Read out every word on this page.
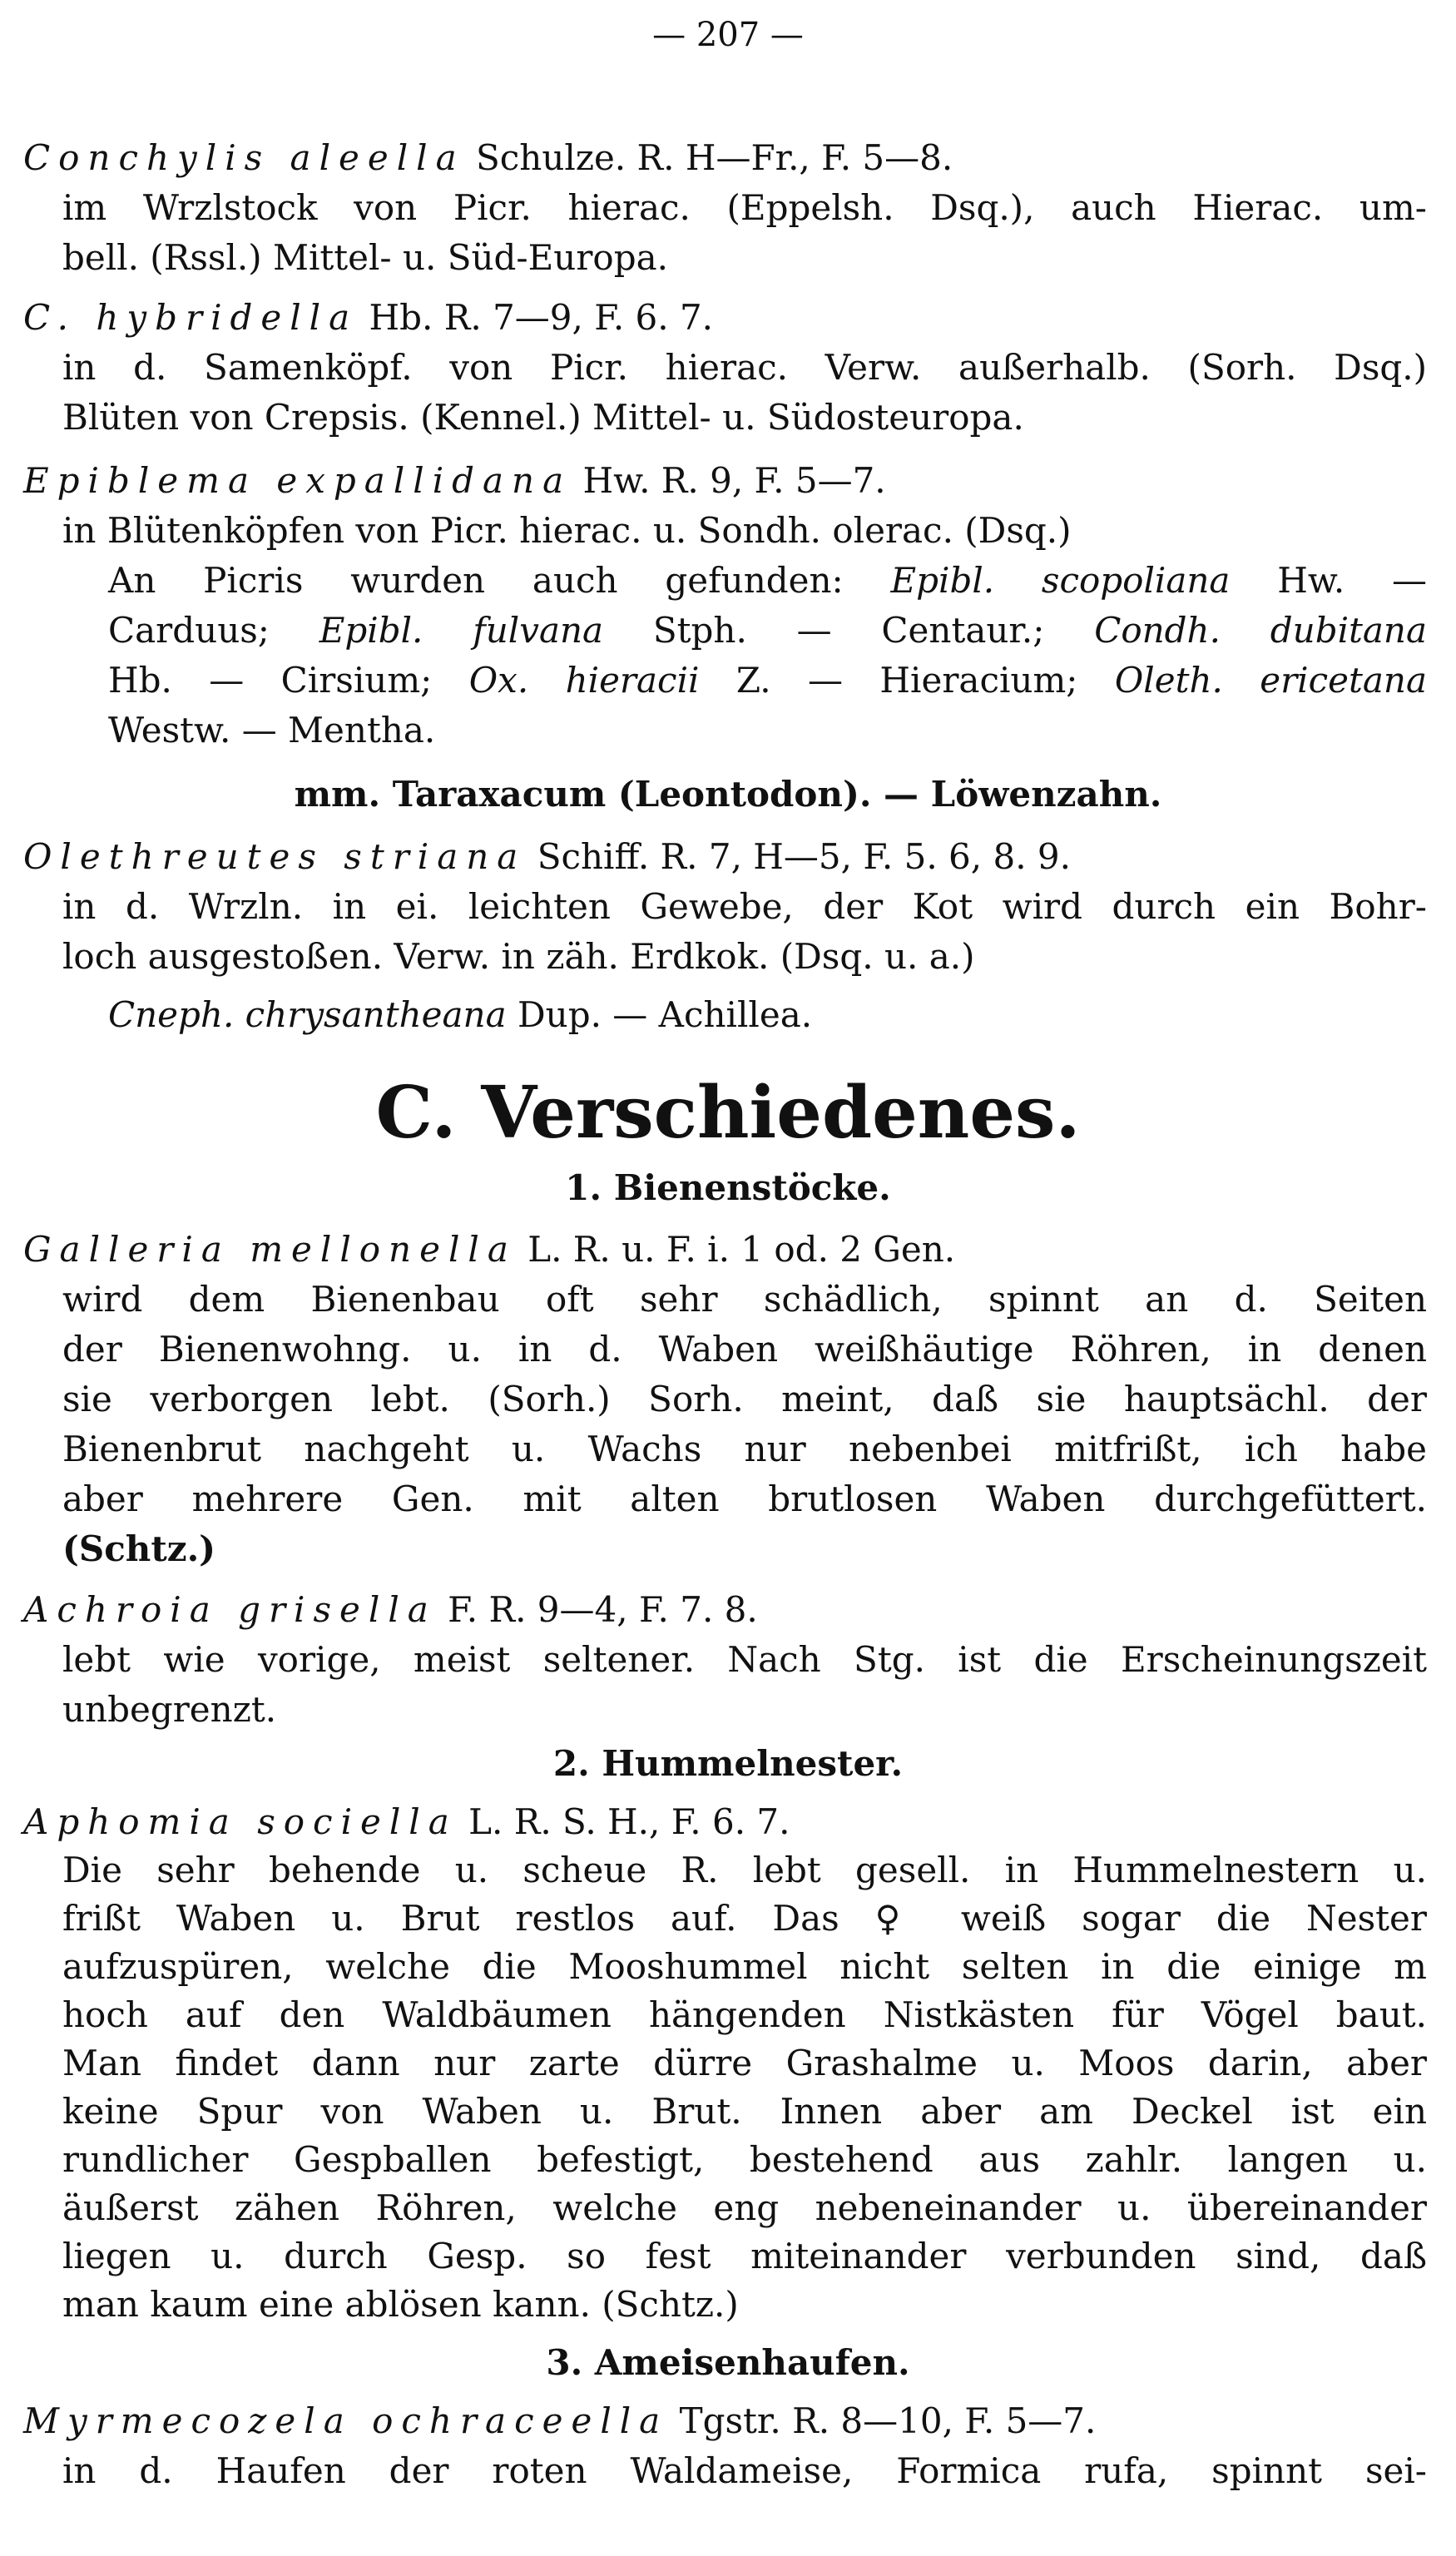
— 207 —
Conchylis aleella Schulze. R. H—Fr., F. 5—8.
im Wrzlstock von Picr. hierac. (Eppelsh. Dsq.), auch Hierac. um-
bell. (Rssl.) Mittel- u. Süd-Europa.
C. hybridella Hb. R. 7—9, F. 6. 7.
in d. Samenköpf. von Picr. hierac. Verw. außerhalb. (Sorh. Dsq.)
Blüten von Crepsis. (Kennel.) Mittel- u. Südosteuropa.
Epiblema expallidana Hw. R. 9, F. 5—7.
in Blütenköpfen von Picr. hierac. u. Sondh. olerac. (Dsq.)
An Picris wurden auch gefunden: Epibl. scopoliana Hw. —
Carduus; Epibl. fulvana Stph. — Centaur.; Condh. dubitana
Hb. — Cirsium; Ox. hieracii Z. — Hieracium; Oleth. ericetana
Westw. — Mentha.
mm. Taraxacum (Leontodon). — Löwenzahn.
Olethreutes striana Schiff. R. 7, H—5, F. 5. 6, 8. 9.
in d. Wrzln. in ei. leichten Gewebe, der Kot wird durch ein Bohr-
loch ausgestoßen. Verw. in zäh. Erdkok. (Dsq. u. a.)
Cneph. chrysantheana Dup. — Achillea.
C. Verschiedenes.
1. Bienenstöcke.
Galleria mellonella L. R. u. F. i. 1 od. 2 Gen.
wird dem Bienenbau oft sehr schädlich, spinnt an d. Seiten
der Bienenwohng. u. in d. Waben weißhäutige Röhren, in denen
sie verborgen lebt. (Sorh.) Sorh. meint, daß sie hauptsächl. der
Bienenbrut nachgeht u. Wachs nur nebenbei mitfrißt, ich habe
aber mehrere Gen. mit alten brutlosen Waben durchgefüttert.
(Schtz.)
Achroia grisella F. R. 9—4, F. 7. 8.
lebt wie vorige, meist seltener. Nach Stg. ist die Erscheinungszeit
unbegrenzt.
2. Hummelnester.
Aphomia sociella L. R. S. H., F. 6. 7.
Die sehr behende u. scheue R. lebt gesell. in Hummelnestern u.
frißt Waben u. Brut restlos auf. Das ♀ weiß sogar die Nester
aufzuspüren, welche die Mooshummel nicht selten in die einige m
hoch auf den Waldbäumen hängenden Nistkästen für Vögel baut.
Man findet dann nur zarte dürre Grashalme u. Moos darin, aber
keine Spur von Waben u. Brut. Innen aber am Deckel ist ein
rundlicher Gespballen befestigt, bestehend aus zahlr. langen u.
äußerst zähen Röhren, welche eng nebeneinander u. übereinander
liegen u. durch Gesp. so fest miteinander verbunden sind, daß
man kaum eine ablösen kann. (Schtz.)
3. Ameisenhaufen.
Myrmecozela ochraceella Tgstr. R. 8—10, F. 5—7.
in d. Haufen der roten Waldameise, Formica rufa, spinnt sei-
